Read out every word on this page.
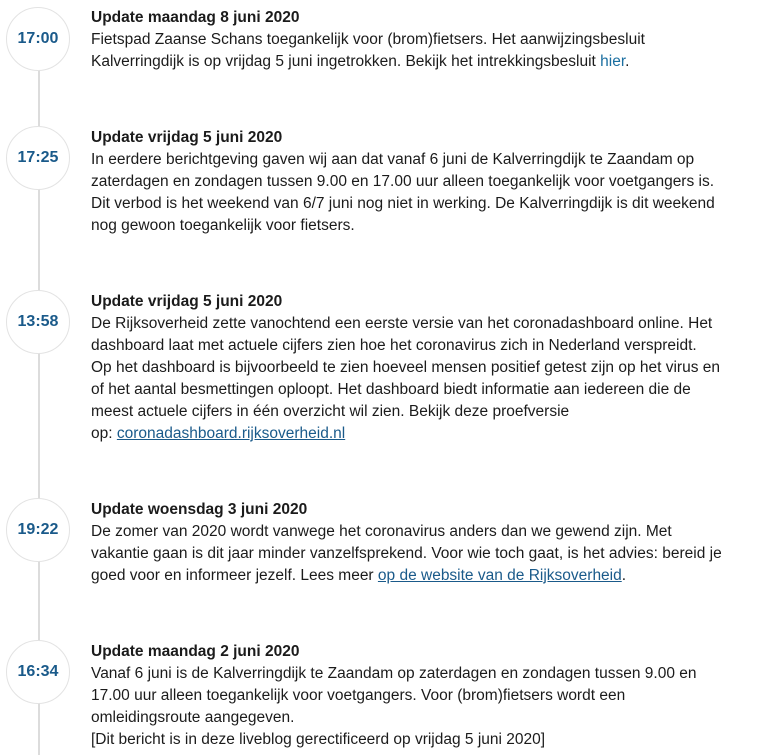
17:00

Update maandag 8 juni 2020

Fietspad Zaanse Schans toegankelijk voor (brom)fietsers. Het aanwijzingsbesluit
Kalverringdijk is op vrijdag 5 juni ingetrokken. Bekijk het intrekkingsbesluit hier.

17:25

Update vrijdag 5 juni 2020

In eerdere berichtgeving gaven wij aan dat vanaf 6 juni de Kalverringdijk te Zaandam op
zaterdagen en zondagen tussen 9.00 en 17.00 uur alleen toegankelijk voor voetgangers is.
Dit verbod is het weekend van 6/7 juni nog niet in werking. De Kalverringdijk is dit weekend
nog gewoon toegankelijk voor fietsers.

13:58

Update vrijdag 5 juni 2020

De Rijksoverheid zette vanochtend een eerste versie van het coronadashboard online. Het
dashboard laat met actuele cijfers zien hoe het coronavirus zich in Nederland verspreidt.
Op het dashboard is bijvoorbeeld te zien hoeveel mensen positief getest zijn op het virus en
of het aantal besmettingen oploopt. Het dashboard biedt informatie aan iedereen die de
meest actuele cijfers in één overzicht wil zien. Bekijk deze proefversie
op: coronadashboard.rijksoverheid.nl

19:22

Update woensdag 3 juni 2020

De zomer van 2020 wordt vanwege het coronavirus anders dan we gewend zijn. Met
vakantie gaan is dit jaar minder vanzelfsprekend. Voor wie toch gaat, is het advies: bereid je
goed voor en informeer jezelf. Lees meer op de website van de Rijksoverheid.

16:34

Update maandag 2 juni 2020

Vanaf 6 juni is de Kalverringdijk te Zaandam op zaterdagen en zondagen tussen 9.00 en
17.00 uur alleen toegankelijk voor voetgangers. Voor (brom)fietsers wordt een
omleidingsroute aangegeven.
[Dit bericht is in deze liveblog gerectificeerd op vrijdag 5 juni 2020]
